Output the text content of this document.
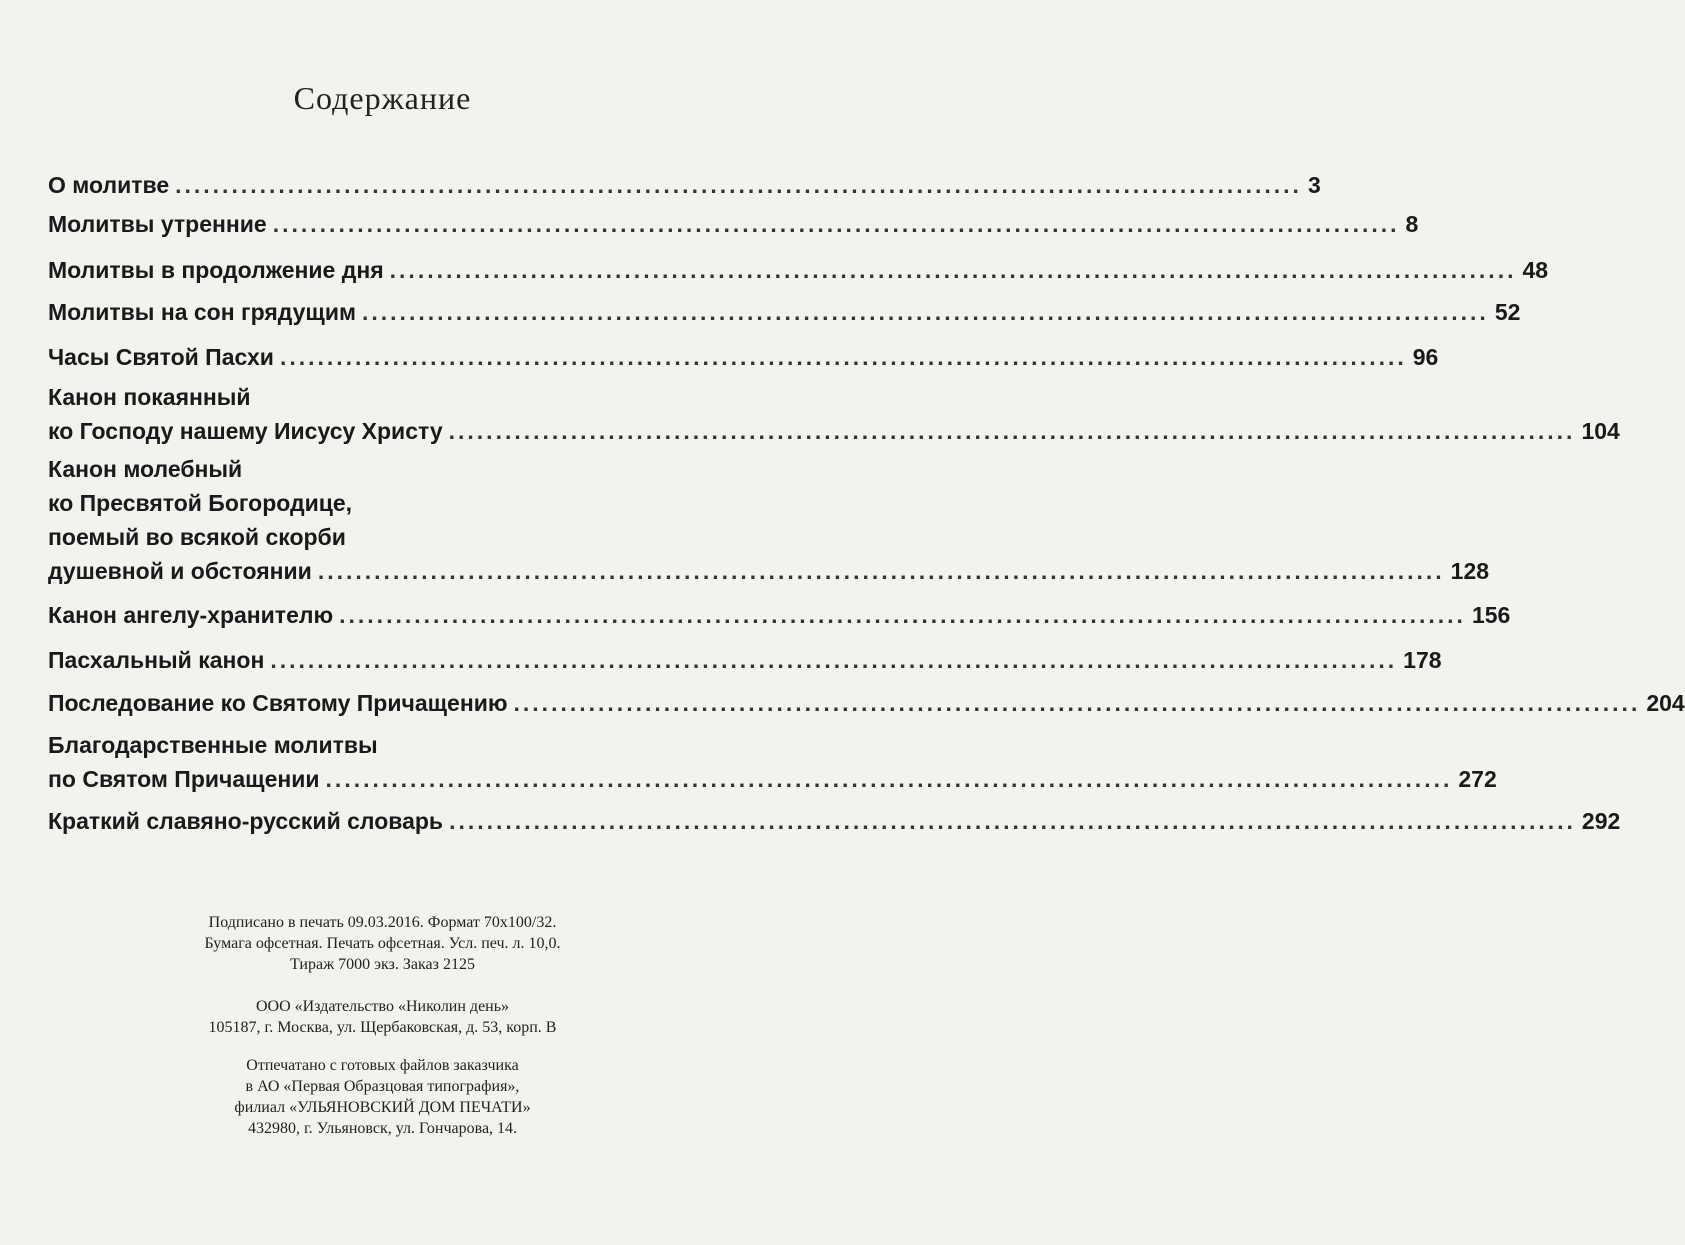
Содержание
О молитве ........................................................................................................................ 3
Молитвы утренние ........................................................................................................................ 8
Молитвы в продолжение дня ........................................................................................................................ 48
Молитвы на сон грядущим ........................................................................................................................ 52
Часы Святой Пасхи ........................................................................................................................ 96
Канон покаянный
ко Господу нашему Иисусу Христу ........................................................................................................................ 104
Канон молебный
ко Пресвятой Богородице,
поемый во всякой скорби
душевной и обстоянии ........................................................................................................................ 128
Канон ангелу-хранителю ........................................................................................................................ 156
Пасхальный канон ........................................................................................................................ 178
Последование ко Святому Причащению ........................................................................................................................ 204
Благодарственные молитвы
по Святом Причащении ........................................................................................................................ 272
Краткий славяно-русский словарь ........................................................................................................................ 292
Подписано в печать 09.03.2016. Формат 70х100/32.
Бумага офсетная. Печать офсетная. Усл. печ. л. 10,0.
Тираж 7000 экз. Заказ 2125
ООО «Издательство «Николин день»
105187, г. Москва, ул. Щербаковская, д. 53, корп. В
Отпечатано с готовых файлов заказчика
в АО «Первая Образцовая типография»,
филиал «УЛЬЯНОВСКИЙ ДОМ ПЕЧАТИ»
432980, г. Ульяновск, ул. Гончарова, 14.
